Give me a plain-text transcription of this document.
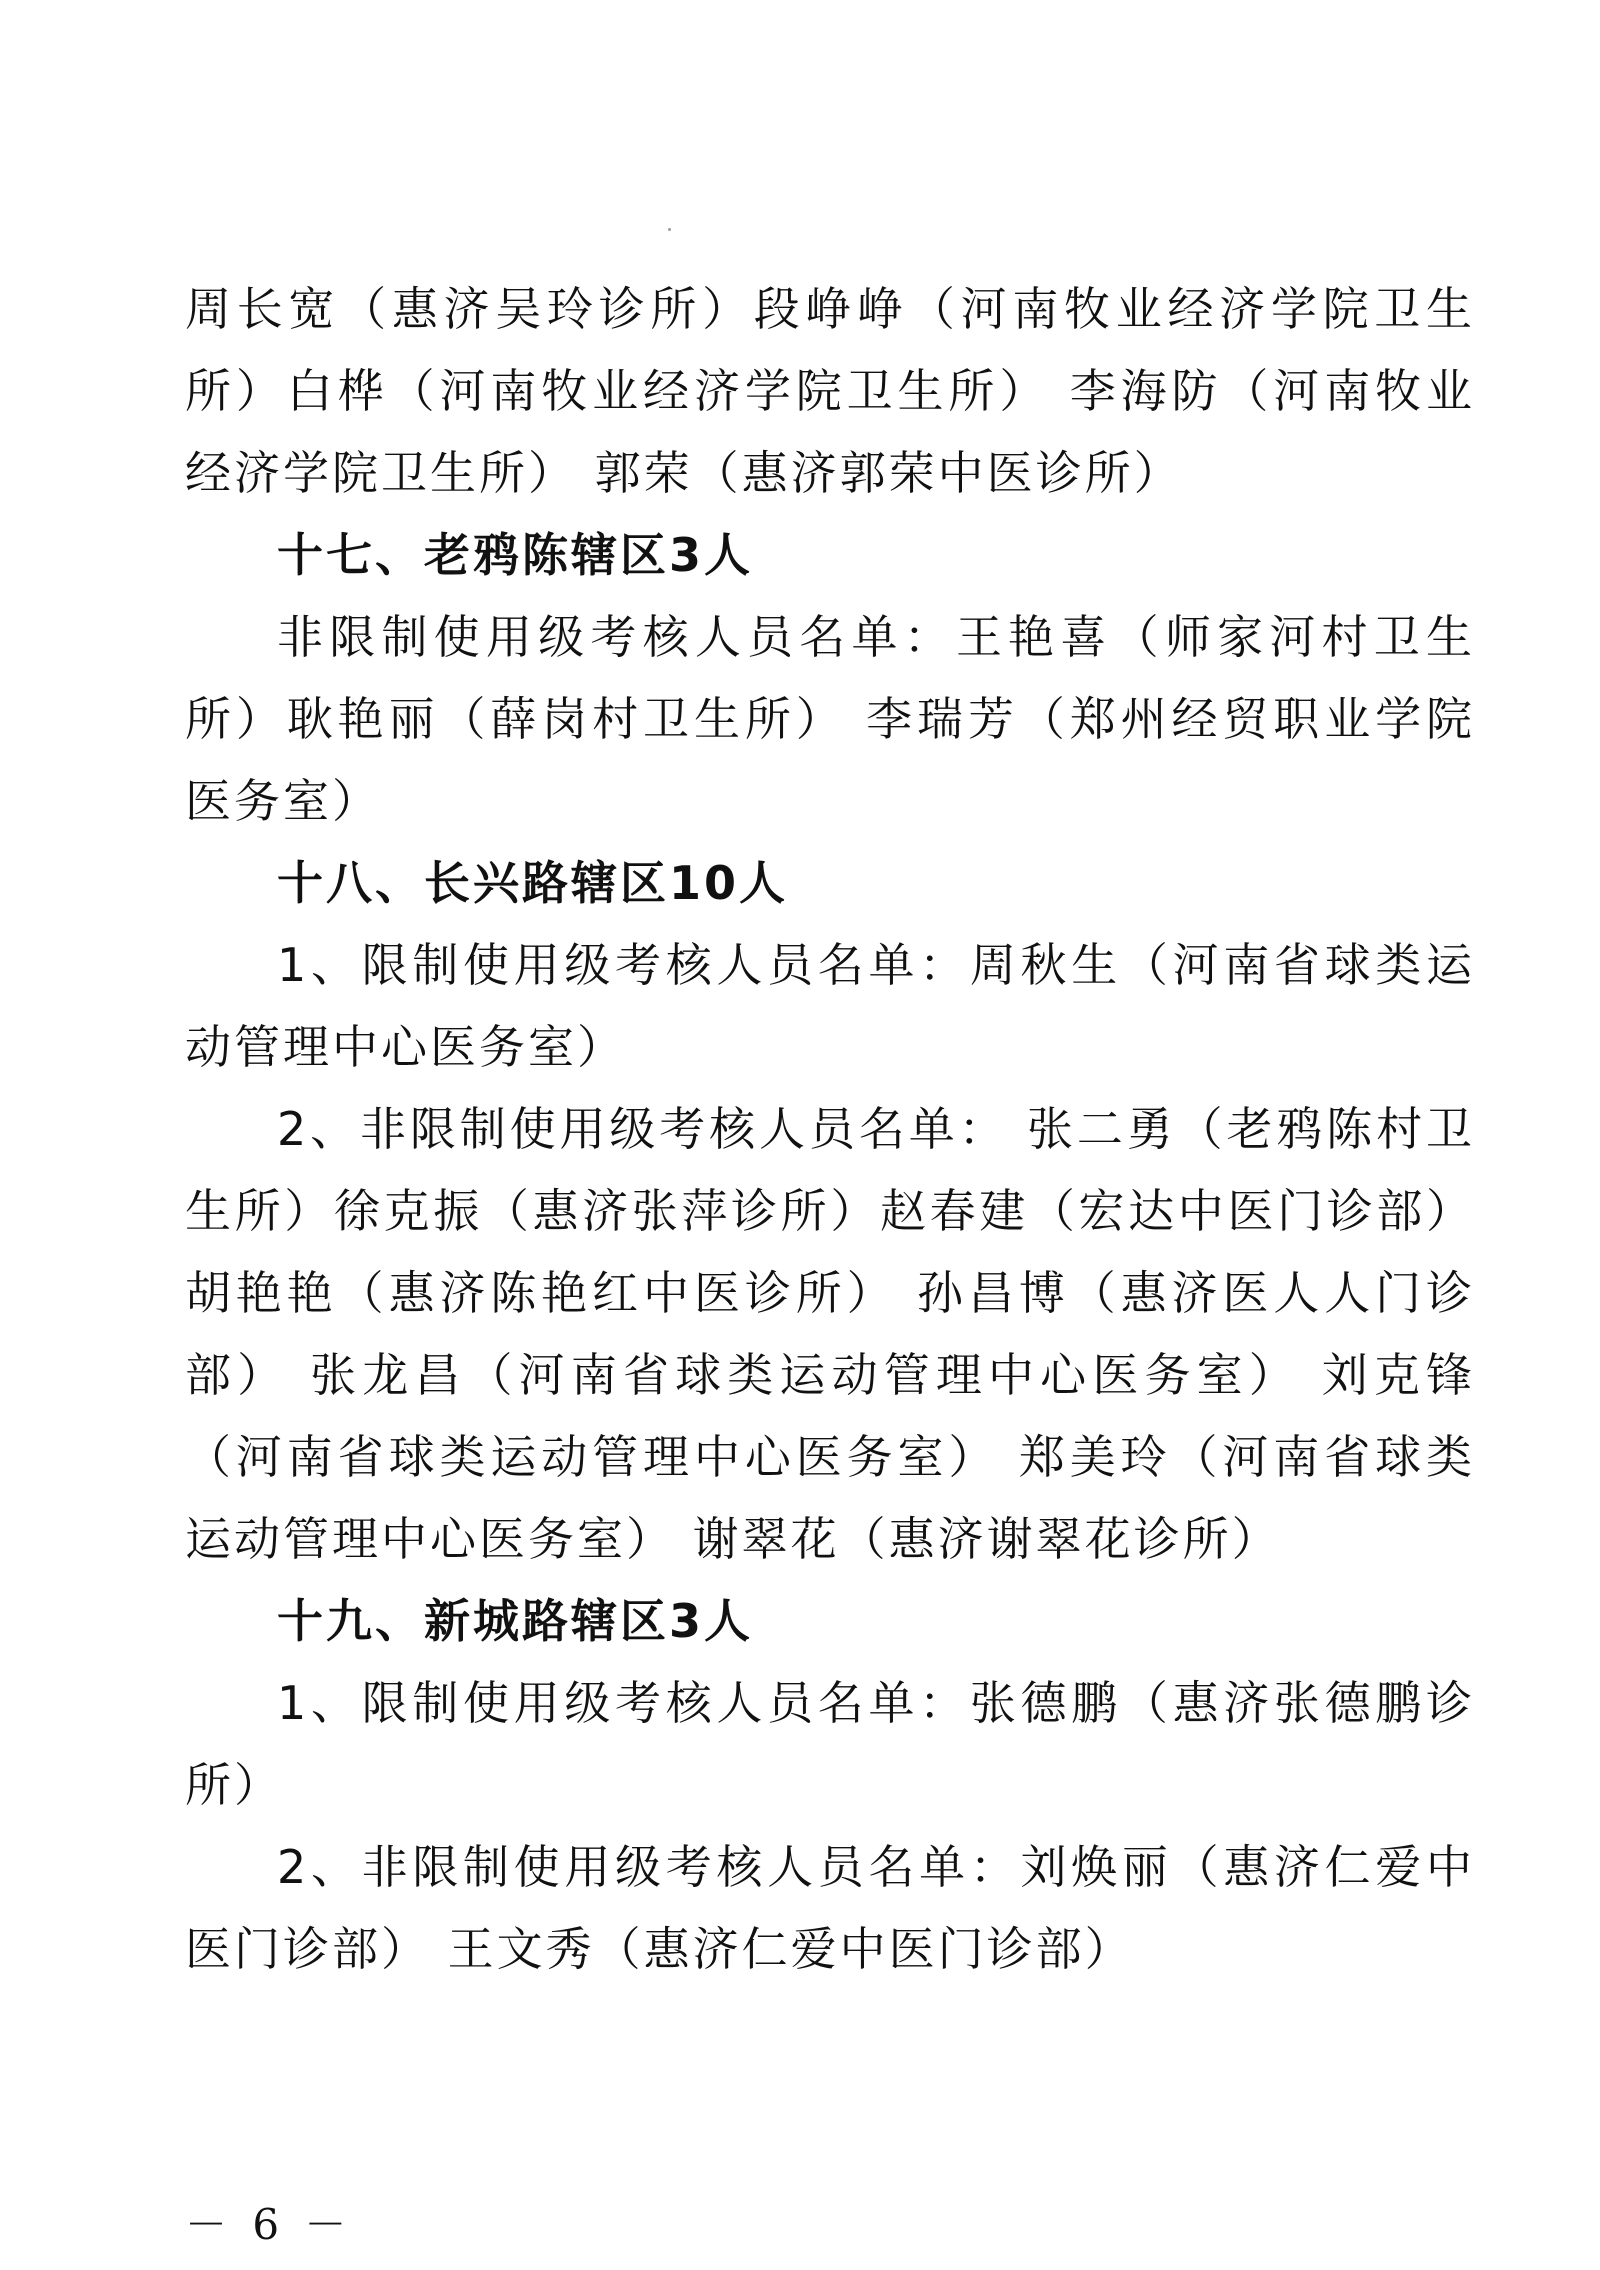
周长宽（惠济吴玲诊所）段峥峥（河南牧业经济学院卫生所）白桦（河南牧业经济学院卫生所） 李海防（河南牧业经济学院卫生所） 郭荣（惠济郭荣中医诊所）

十七、老鸦陈辖区3人

非限制使用级考核人员名单：王艳喜（师家河村卫生所）耿艳丽（薛岗村卫生所） 李瑞芳（郑州经贸职业学院医务室）

十八、长兴路辖区10人

1、限制使用级考核人员名单：周秋生（河南省球类运动管理中心医务室）

2、非限制使用级考核人员名单： 张二勇（老鸦陈村卫生所）徐克振（惠济张萍诊所）赵春建（宏达中医门诊部） 胡艳艳（惠济陈艳红中医诊所） 孙昌博（惠济医人人门诊部） 张龙昌（河南省球类运动管理中心医务室） 刘克锋（河南省球类运动管理中心医务室） 郑美玲（河南省球类运动管理中心医务室） 谢翠花（惠济谢翠花诊所）

十九、新城路辖区3人

1、限制使用级考核人员名单：张德鹏（惠济张德鹏诊所）

2、非限制使用级考核人员名单：刘焕丽（惠济仁爱中医门诊部） 王文秀（惠济仁爱中医门诊部）

－ 6 －
